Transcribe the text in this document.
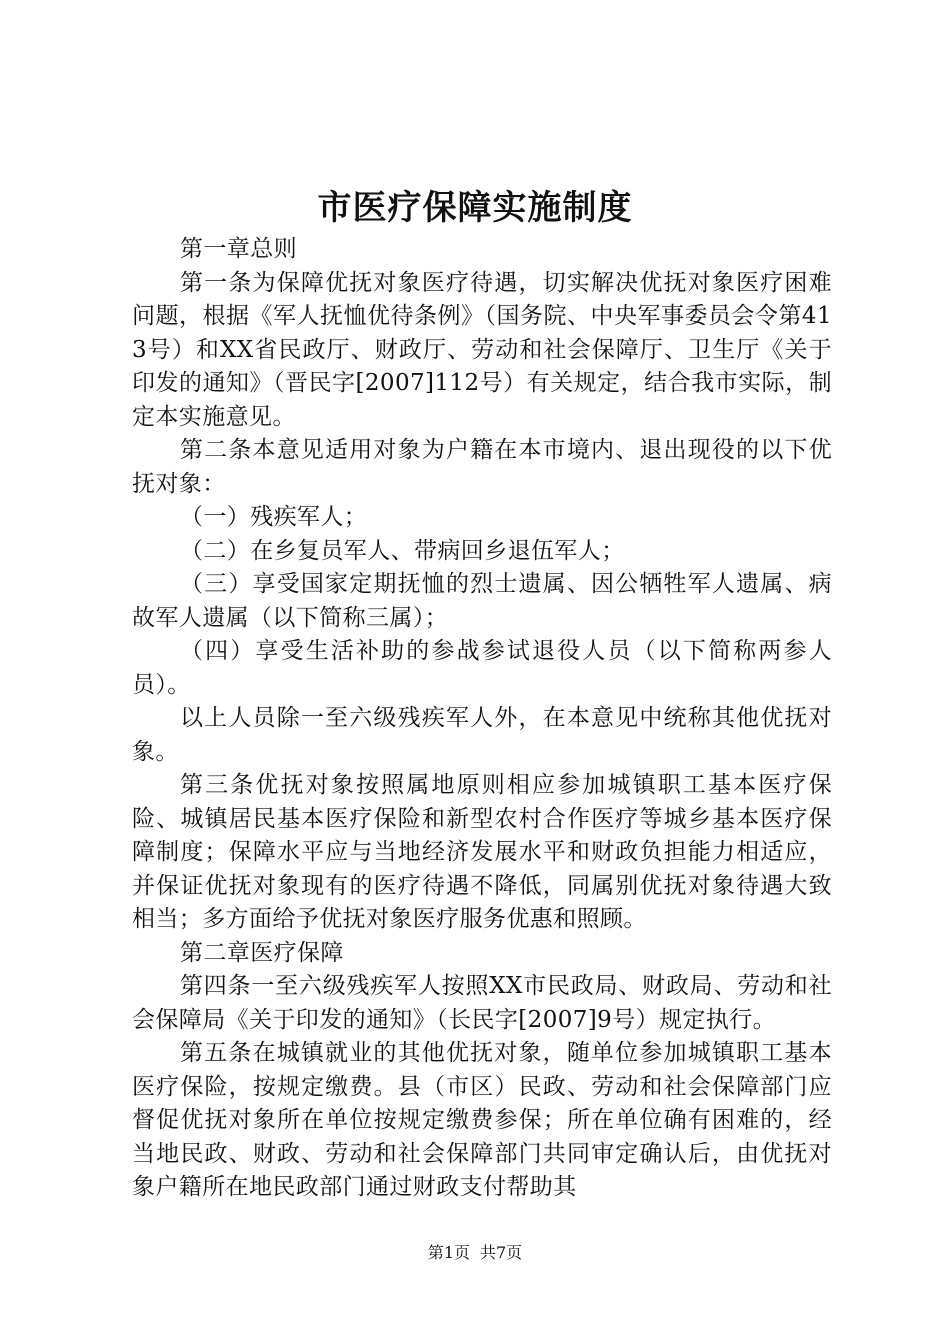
市医疗保障实施制度

第一章总则

第一条为保障优抚对象医疗待遇，切实解决优抚对象医疗困难问题，根据《军人抚恤优待条例》（国务院、中央军事委员会令第413号）和XX省民政厅、财政厅、劳动和社会保障厅、卫生厅《关于印发的通知》（晋民字[2007]112号）有关规定，结合我市实际，制定本实施意见。

第二条本意见适用对象为户籍在本市境内、退出现役的以下优抚对象：

（一）残疾军人；

（二）在乡复员军人、带病回乡退伍军人；

（三）享受国家定期抚恤的烈士遗属、因公牺牲军人遗属、病故军人遗属（以下简称三属）；

（四）享受生活补助的参战参试退役人员（以下简称两参人员）。

以上人员除一至六级残疾军人外，在本意见中统称其他优抚对象。

第三条优抚对象按照属地原则相应参加城镇职工基本医疗保险、城镇居民基本医疗保险和新型农村合作医疗等城乡基本医疗保障制度；保障水平应与当地经济发展水平和财政负担能力相适应，并保证优抚对象现有的医疗待遇不降低，同属别优抚对象待遇大致相当；多方面给予优抚对象医疗服务优惠和照顾。

第二章医疗保障

第四条一至六级残疾军人按照XX市民政局、财政局、劳动和社会保障局《关于印发的通知》（长民字[2007]9号）规定执行。

第五条在城镇就业的其他优抚对象，随单位参加城镇职工基本医疗保险，按规定缴费。县（市区）民政、劳动和社会保障部门应督促优抚对象所在单位按规定缴费参保；所在单位确有困难的，经当地民政、财政、劳动和社会保障部门共同审定确认后，由优抚对象户籍所在地民政部门通过财政支付帮助其

第1页 共7页
